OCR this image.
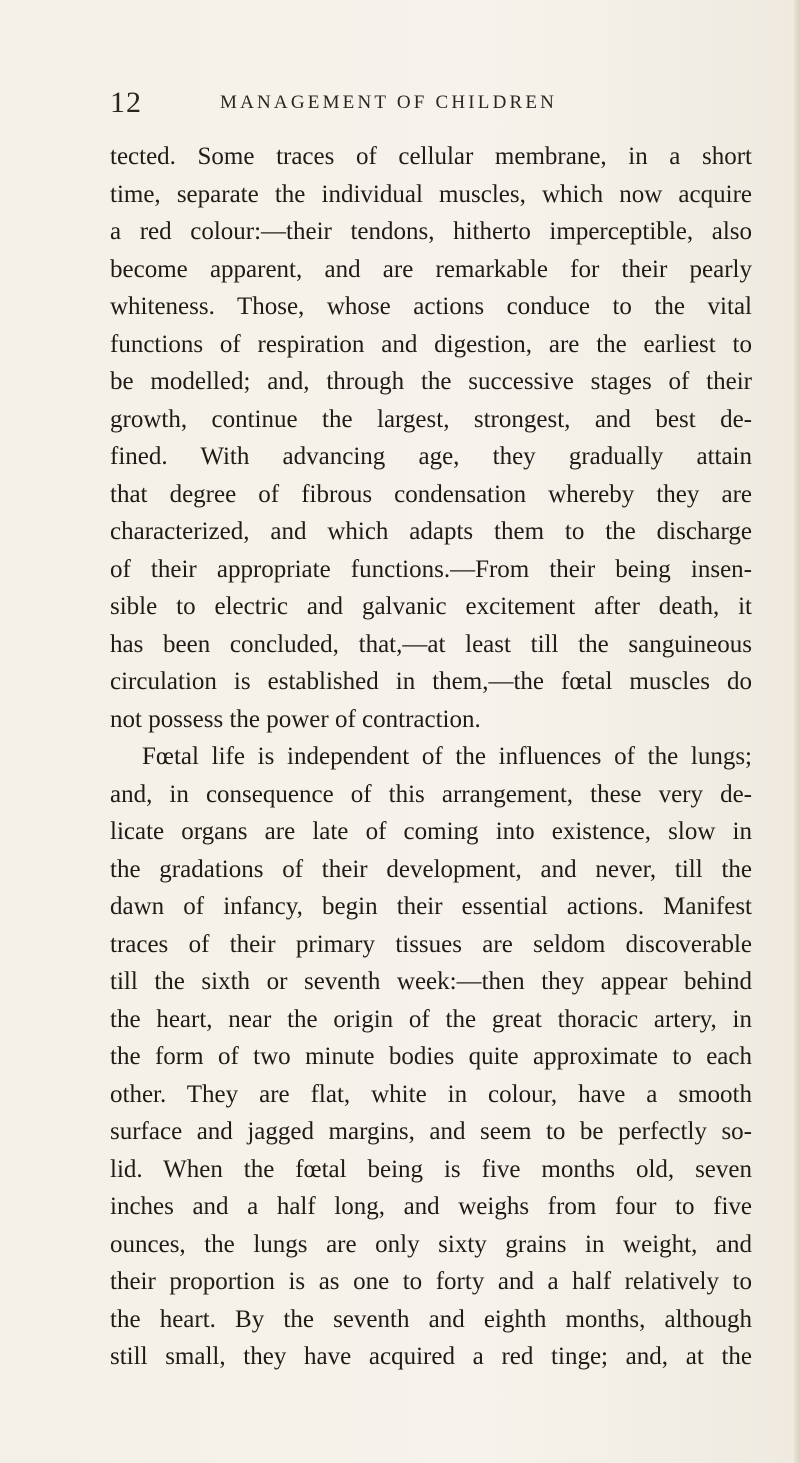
12	MANAGEMENT OF CHILDREN
tected. Some traces of cellular membrane, in a short
time, separate the individual muscles, which now acquire
a red colour:—their tendons, hitherto imperceptible, also
become apparent, and are remarkable for their pearly
whiteness. Those, whose actions conduce to the vital
functions of respiration and digestion, are the earliest to
be modelled; and, through the successive stages of their
growth, continue the largest, strongest, and best de-
fined. With advancing age, they gradually attain
that degree of fibrous condensation whereby they are
characterized, and which adapts them to the discharge
of their appropriate functions.—From their being insen-
sible to electric and galvanic excitement after death, it
has been concluded, that,—at least till the sanguineous
circulation is established in them,—the fœtal muscles do
not possess the power of contraction.
Fœtal life is independent of the influences of the lungs;
and, in consequence of this arrangement, these very de-
licate organs are late of coming into existence, slow in
the gradations of their development, and never, till the
dawn of infancy, begin their essential actions. Manifest
traces of their primary tissues are seldom discoverable
till the sixth or seventh week:—then they appear behind
the heart, near the origin of the great thoracic artery, in
the form of two minute bodies quite approximate to each
other. They are flat, white in colour, have a smooth
surface and jagged margins, and seem to be perfectly so-
lid. When the fœtal being is five months old, seven
inches and a half long, and weighs from four to five
ounces, the lungs are only sixty grains in weight, and
their proportion is as one to forty and a half relatively to
the heart. By the seventh and eighth months, although
still small, they have acquired a red tinge; and, at the
